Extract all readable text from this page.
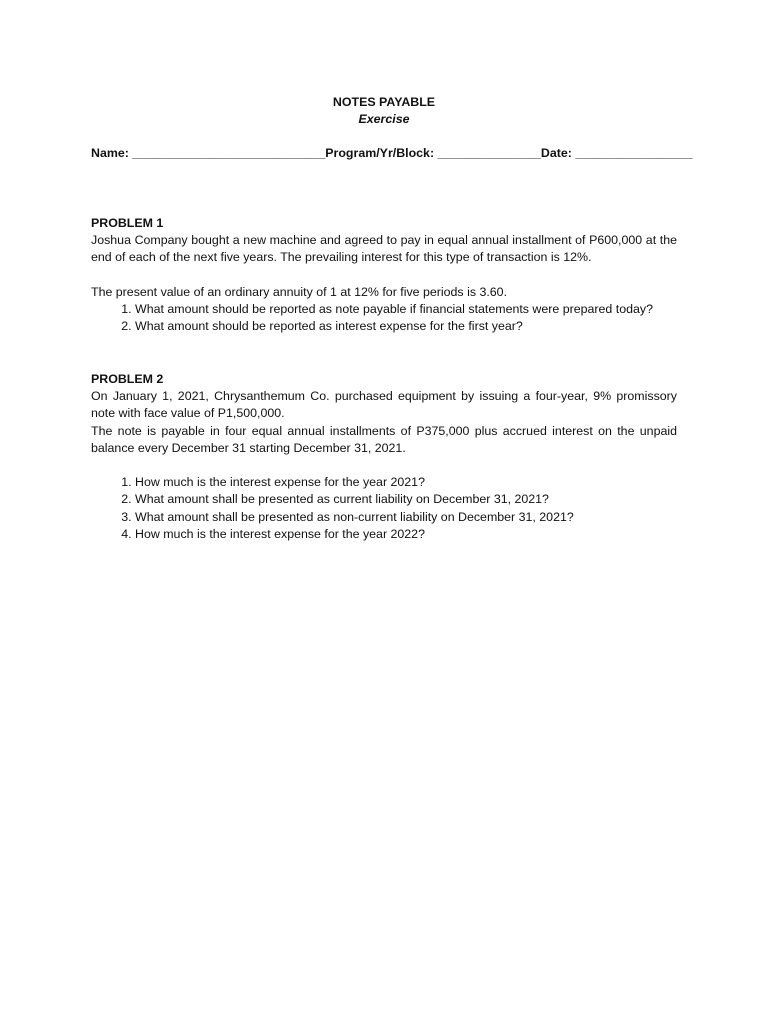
NOTES PAYABLE
Exercise
Name: ____________________________ Program/Yr/Block: _______________ Date: _________________
PROBLEM 1

Joshua Company bought a new machine and agreed to pay in equal annual installment of P600,000 at the end of each of the next five years. The prevailing interest for this type of transaction is 12%.

The present value of an ordinary annuity of 1 at 12% for five periods is 3.60.

1. What amount should be reported as note payable if financial statements were prepared today?
2. What amount should be reported as interest expense for the first year?
PROBLEM 2

On January 1, 2021, Chrysanthemum Co. purchased equipment by issuing a four-year, 9% promissory note with face value of P1,500,000.

The note is payable in four equal annual installments of P375,000 plus accrued interest on the unpaid balance every December 31 starting December 31, 2021.

1. How much is the interest expense for the year 2021?
2. What amount shall be presented as current liability on December 31, 2021?
3. What amount shall be presented as non-current liability on December 31, 2021?
4. How much is the interest expense for the year 2022?
